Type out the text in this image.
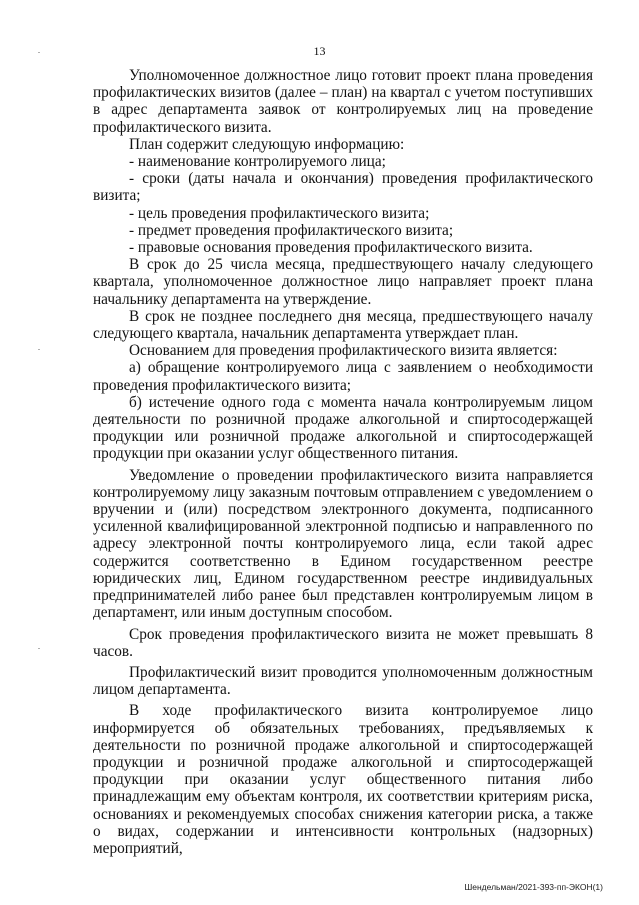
13

Уполномоченное должностное лицо готовит проект плана проведения профилактических визитов (далее – план) на квартал с учетом поступивших в адрес департамента заявок от контролируемых лиц на проведение профилактического визита.

План содержит следующую информацию:

- наименование контролируемого лица;

- сроки (даты начала и окончания) проведения профилактического визита;

- цель проведения профилактического визита;

- предмет проведения профилактического визита;

- правовые основания проведения профилактического визита.

В срок до 25 числа месяца, предшествующего началу следующего квартала, уполномоченное должностное лицо направляет проект плана начальнику департамента на утверждение.

В срок не позднее последнего дня месяца, предшествующего началу следующего квартала, начальник департамента утверждает план.

Основанием для проведения профилактического визита является:

а) обращение контролируемого лица с заявлением о необходимости проведения профилактического визита;

б) истечение одного года с момента начала контролируемым лицом деятельности по розничной продаже алкогольной и спиртосодержащей продукции или розничной продаже алкогольной и спиртосодержащей продукции при оказании услуг общественного питания.

Уведомление о проведении профилактического визита направляется контролируемому лицу заказным почтовым отправлением с уведомлением о вручении и (или) посредством электронного документа, подписанного усиленной квалифицированной электронной подписью и направленного по адресу электронной почты контролируемого лица, если такой адрес содержится соответственно в Едином государственном реестре юридических лиц, Едином государственном реестре индивидуальных предпринимателей либо ранее был представлен контролируемым лицом в департамент, или иным доступным способом.

Срок проведения профилактического визита не может превышать 8 часов.

Профилактический визит проводится уполномоченным должностным лицом департамента.

В ходе профилактического визита контролируемое лицо информируется об обязательных требованиях, предъявляемых к деятельности по розничной продаже алкогольной и спиртосодержащей продукции и розничной продаже алкогольной и спиртосодержащей продукции при оказании услуг общественного питания либо принадлежащим ему объектам контроля, их соответствии критериям риска, основаниях и рекомендуемых способах снижения категории риска, а также о видах, содержании и интенсивности контрольных (надзорных) мероприятий,

Шендельман/2021-393-пп-ЭКОН(1)
